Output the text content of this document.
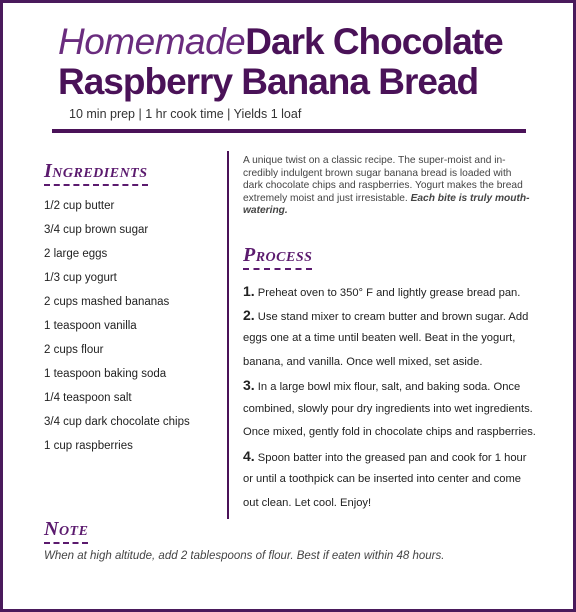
HomemadeDark Chocolate
Raspberry Banana Bread
10 min prep | 1 hr cook time | Yields 1 loaf
Ingredients
1/2 cup butter
3/4 cup brown sugar
2 large eggs
1/3 cup yogurt
2 cups mashed bananas
1 teaspoon vanilla
2 cups flour
1 teaspoon baking soda
1/4 teaspoon salt
3/4 cup dark chocolate chips
1 cup raspberries
A unique twist on a classic recipe. The super-moist and in-
credibly indulgent brown sugar banana bread is loaded with
dark chocolate chips and raspberries. Yogurt makes the bread
extremely moist and just irresistable. Each bite is truly mouth-
watering.
Process
1. Preheat oven to 350° F and lightly grease bread pan.
2. Use stand mixer to cream butter and brown sugar. Add
eggs one at a time until beaten well. Beat in the yogurt,
banana, and vanilla. Once well mixed, set aside.
3. In a large bowl mix flour, salt, and baking soda. Once
combined, slowly pour dry ingredients into wet ingredients.
Once mixed, gently fold in chocolate chips and raspberries.
4. Spoon batter into the greased pan and cook for 1 hour
or until a toothpick can be inserted into center and come
out clean. Let cool. Enjoy!
Note
When at high altitude, add 2 tablespoons of flour. Best if eaten within 48 hours.
